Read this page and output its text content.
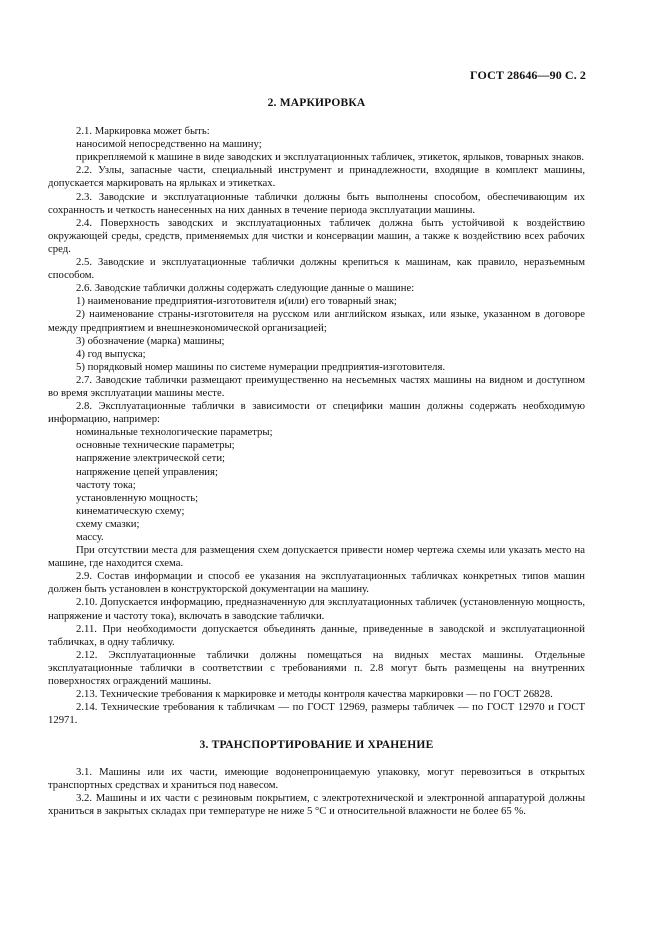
ГОСТ 28646—90 С. 2
2. МАРКИРОВКА

2.1. Маркировка может быть:

наносимой непосредственно на машину;

прикрепляемой к машине в виде заводских и эксплуатационных табличек, этикеток, ярлыков, товарных знаков.

2.2. Узлы, запасные части, специальный инструмент и принадлежности, входящие в комплект машины, допускается маркировать на ярлыках и этикетках.

2.3. Заводские и эксплуатационные таблички должны быть выполнены способом, обеспечивающим их сохранность и четкость нанесенных на них данных в течение периода эксплуатации машины.

2.4. Поверхность заводских и эксплуатационных табличек должна быть устойчивой к воздействию окружающей среды, средств, применяемых для чистки и консервации машин, а также к воздействию всех рабочих сред.

2.5. Заводские и эксплуатационные таблички должны крепиться к машинам, как правило, неразъемным способом.

2.6. Заводские таблички должны содержать следующие данные о машине:

1) наименование предприятия-изготовителя и(или) его товарный знак;

2) наименование страны-изготовителя на русском или английском языках, или языке, указанном в договоре между предприятием и внешнеэкономической организацией;

3) обозначение (марка) машины;

4) год выпуска;

5) порядковый номер машины по системе нумерации предприятия-изготовителя.

2.7. Заводские таблички размещают преимущественно на несъемных частях машины на видном и доступном во время эксплуатации машины месте.

2.8. Эксплуатационные таблички в зависимости от специфики машин должны содержать необходимую информацию, например:

номинальные технологические параметры;

основные технические параметры;

напряжение электрической сети;

напряжение цепей управления;

частоту тока;

установленную мощность;

кинематическую схему;

схему смазки;

массу.

При отсутствии места для размещения схем допускается привести номер чертежа схемы или указать место на машине, где находится схема.

2.9. Состав информации и способ ее указания на эксплуатационных табличках конкретных типов машин должен быть установлен в конструкторской документации на машину.

2.10. Допускается информацию, предназначенную для эксплуатационных табличек (установленную мощность, напряжение и частоту тока), включать в заводские таблички.

2.11. При необходимости допускается объединять данные, приведенные в заводской и эксплуатационной табличках, в одну табличку.

2.12. Эксплуатационные таблички должны помещаться на видных местах машины. Отдельные эксплуатационные таблички в соответствии с требованиями п. 2.8 могут быть размещены на внутренних поверхностях ограждений машины.

2.13. Технические требования к маркировке и методы контроля качества маркировки — по ГОСТ 26828.

2.14. Технические требования к табличкам — по ГОСТ 12969, размеры табличек — по ГОСТ 12970 и ГОСТ 12971.

3. ТРАНСПОРТИРОВАНИЕ И ХРАНЕНИЕ

3.1. Машины или их части, имеющие водонепроницаемую упаковку, могут перевозиться в открытых транспортных средствах и храниться под навесом.

3.2. Машины и их части с резиновым покрытием, с электротехнической и электронной аппаратурой должны храниться в закрытых складах при температуре не ниже 5 °С и относительной влажности не более 65 %.
